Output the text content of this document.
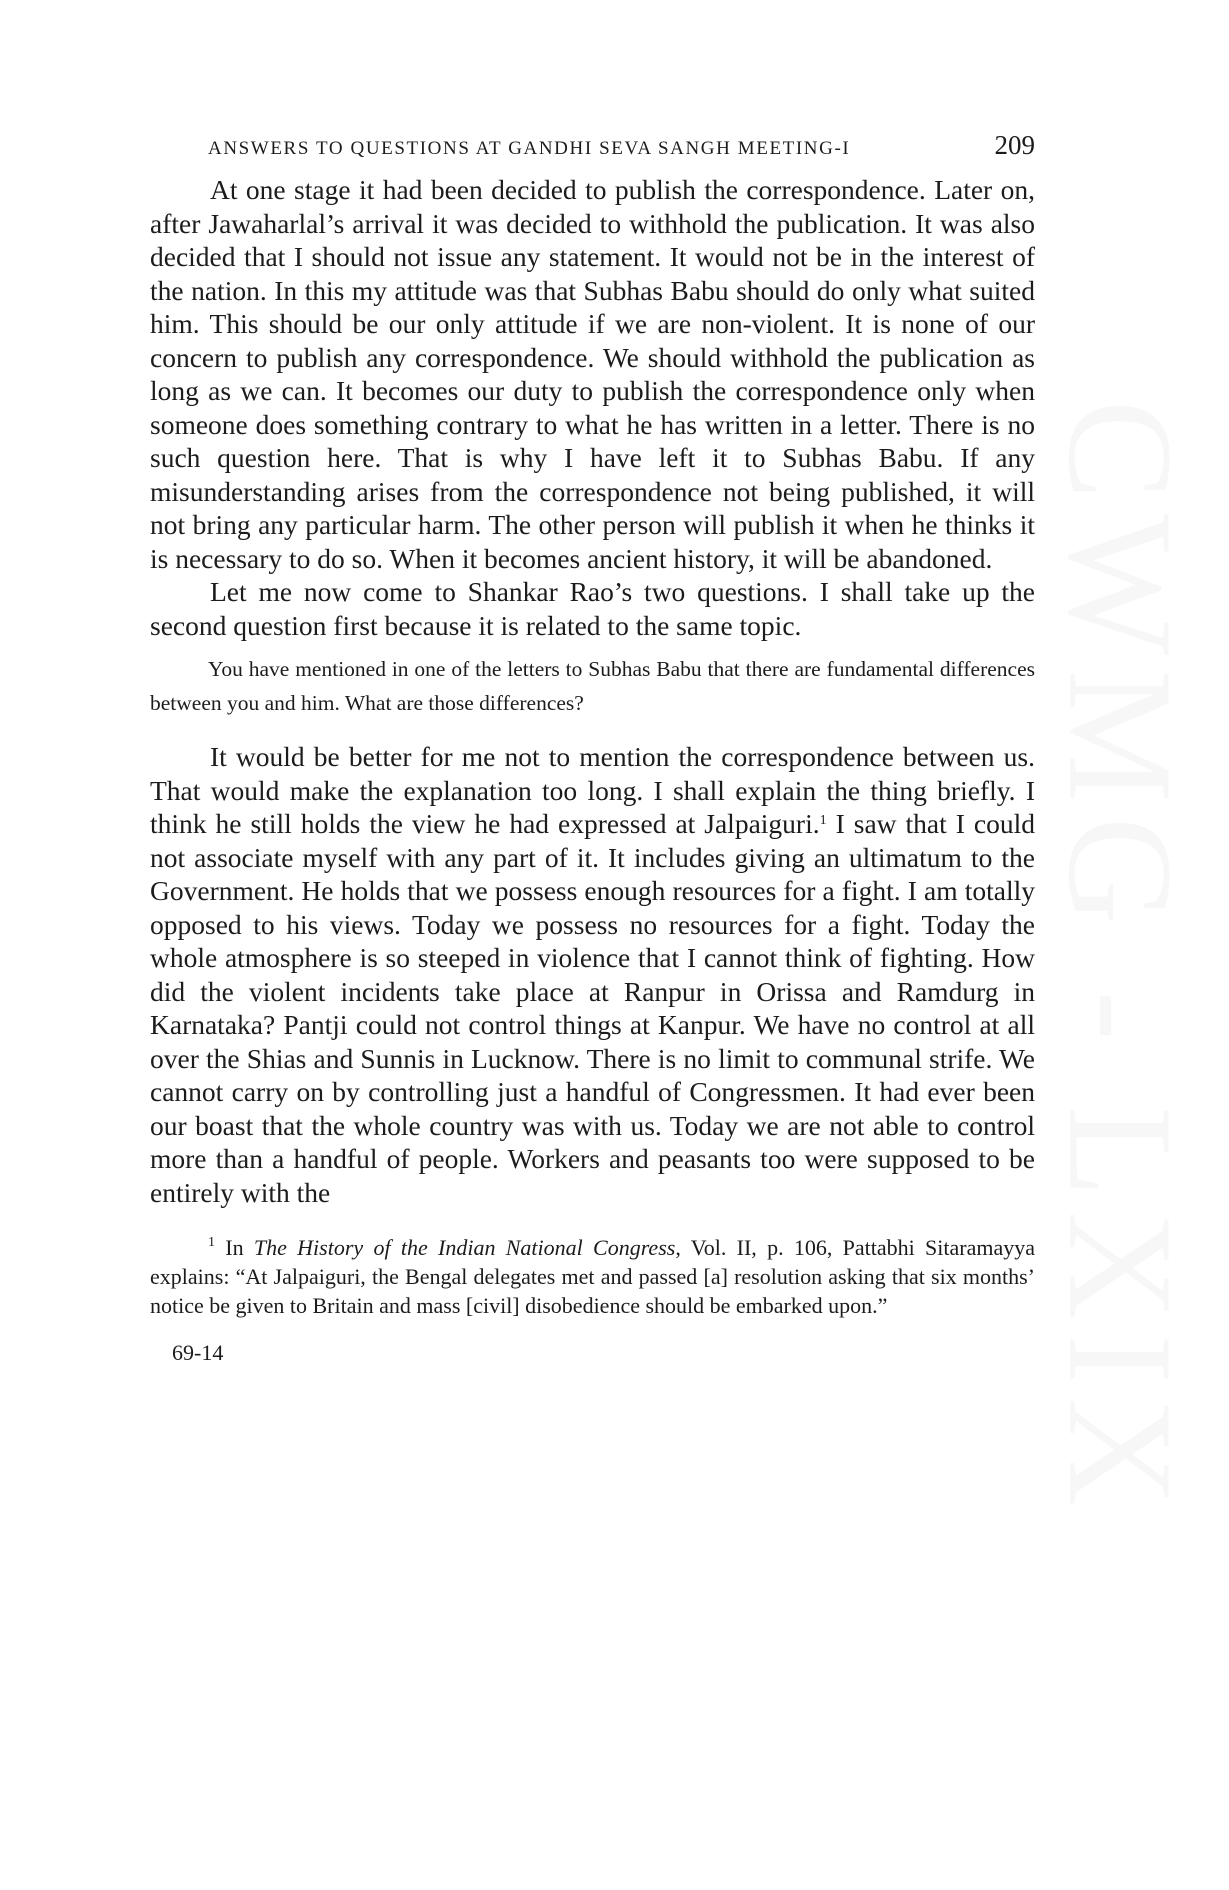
CWMG - LXIX
ANSWERS TO QUESTIONS AT GANDHI SEVA SANGH MEETING-I	209

At one stage it had been decided to publish the correspondence. Later on, after Jawaharlal’s arrival it was decided to withhold the publication. It was also decided that I should not issue any statement. It would not be in the interest of the nation. In this my attitude was that Subhas Babu should do only what suited him. This should be our only attitude if we are non-violent. It is none of our concern to publish any correspondence. We should withhold the publication as long as we can. It becomes our duty to publish the correspondence only when someone does something contrary to what he has written in a letter. There is no such question here. That is why I have left it to Subhas Babu. If any misunderstanding arises from the correspondence not being published, it will not bring any particular harm. The other person will publish it when he thinks it is necessary to do so. When it becomes ancient history, it will be abandoned.

Let me now come to Shankar Rao’s two questions. I shall take up the second question first because it is related to the same topic.

You have mentioned in one of the letters to Subhas Babu that there are fundamental differences between you and him. What are those differences?

It would be better for me not to mention the correspondence between us. That would make the explanation too long. I shall explain the thing briefly. I think he still holds the view he had expressed at Jalpaiguri.$^1$ I saw that I could not associate myself with any part of it. It includes giving an ultimatum to the Government. He holds that we possess enough resources for a fight. I am totally opposed to his views. Today we possess no resources for a fight. Today the whole atmosphere is so steeped in violence that I cannot think of fighting. How did the violent incidents take place at Ranpur in Orissa and Ramdurg in Karnataka? Pantji could not control things at Kanpur. We have no control at all over the Shias and Sunnis in Lucknow. There is no limit to communal strife. We cannot carry on by controlling just a handful of Congressmen. It had ever been our boast that the whole country was with us. Today we are not able to control more than a handful of people. Workers and peasants too were supposed to be entirely with the

$^1$ In The History of the Indian National Congress, Vol. II, p. 106, Pattabhi Sitaramayya explains: “At Jalpaiguri, the Bengal delegates met and passed [a] resolution asking that six months’ notice be given to Britain and mass [civil] disobedience should be embarked upon.”

69-14
